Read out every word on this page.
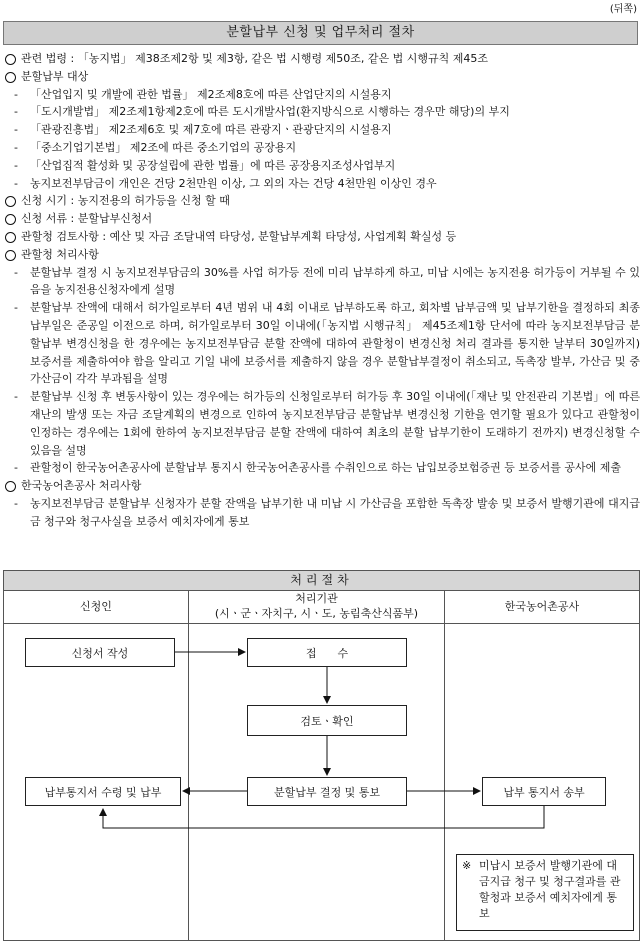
(뒤쪽)
분할납부 신청 및 업무처리 절차
관련 법령 : 「농지법」 제38조제2항 및 제3항, 같은 법 시행령 제50조, 같은 법 시행규칙 제45조
분할납부 대상
- 「산업입지 및 개발에 관한 법률」 제2조제8호에 따른 산업단지의 시설용지
- 「도시개발법」 제2조제1항제2호에 따른 도시개발사업(환지방식으로 시행하는 경우만 해당)의 부지
- 「관광진흥법」 제2조제6호 및 제7호에 따른 관광지ㆍ관광단지의 시설용지
- 「중소기업기본법」 제2조에 따른 중소기업의 공장용지
- 「산업집적 활성화 및 공장설립에 관한 법률」에 따른 공장용지조성사업부지
- 농지보전부담금이 개인은 건당 2천만원 이상, 그 외의 자는 건당 4천만원 이상인 경우
신청 시기 : 농지전용의 허가등을 신청 할 때
신청 서류 : 분할납부신청서
관할청 검토사항 : 예산 및 자금 조달내역 타당성, 분할납부계획 타당성, 사업계획 확실성 등
관할청 처리사항
- 분할납부 결정 시 농지보전부담금의 30%를 사업 허가등 전에 미리 납부하게 하고, 미납 시에는 농지전용 허가등이 거부될 수 있음을 농지전용신청자에게 설명
- 분할납부 잔액에 대해서 허가일로부터 4년 범위 내 4회 이내로 납부하도록 하고, 회차별 납부금액 및 납부기한을 결정하되 최종납부일은 준공일 이전으로 하며, 허가일로부터 30일 이내에(「농지법 시행규칙」 제45조제1항 단서에 따라 농지보전부담금 분할납부 변경신청을 한 경우에는 농지보전부담금 분할 잔액에 대하여 관할청이 변경신청 처리 결과를 통지한 날부터 30일까지) 보증서를 제출하여야 함을 알리고 기일 내에 보증서를 제출하지 않을 경우 분할납부결정이 취소되고, 독촉장 발부, 가산금 및 중가산금이 각각 부과됨을 설명
- 분할납부 신청 후 변동사항이 있는 경우에는 허가등의 신청일로부터 허가등 후 30일 이내에(「재난 및 안전관리 기본법」에 따른 재난의 발생 또는 자금 조달계획의 변경으로 인하여 농지보전부담금 분할납부 변경신청 기한을 연기할 필요가 있다고 관할청이 인정하는 경우에는 1회에 한하여 농지보전부담금 분할 잔액에 대하여 최초의 분할 납부기한이 도래하기 전까지) 변경신청할 수 있음을 설명
- 관할청이 한국농어촌공사에 분할납부 통지시 한국농어촌공사를 수취인으로 하는 납입보증보험증권 등 보증서를 공사에 제출
한국농어촌공사 처리사항
- 농지보전부담금 분할납부 신청자가 분할 잔액을 납부기한 내 미납 시 가산금을 포함한 독촉장 발송 및 보증서 발행기관에 대지급금 청구와 청구사실을 보증서 예치자에게 통보
처리절차
신청인
처리기관
(시ㆍ군ㆍ자치구, 시ㆍ도, 농림축산식품부)
한국농어촌공사
신청서 작성	접      수
검토ㆍ확인
분할납부 결정 및 통보
납부통지서 수령 및 납부	납부 통지서 송부
※ 미납시 보증서 발행기관에 대금지급 청구 및 청구결과를 관할청과 보증서 예치자에게 통보
